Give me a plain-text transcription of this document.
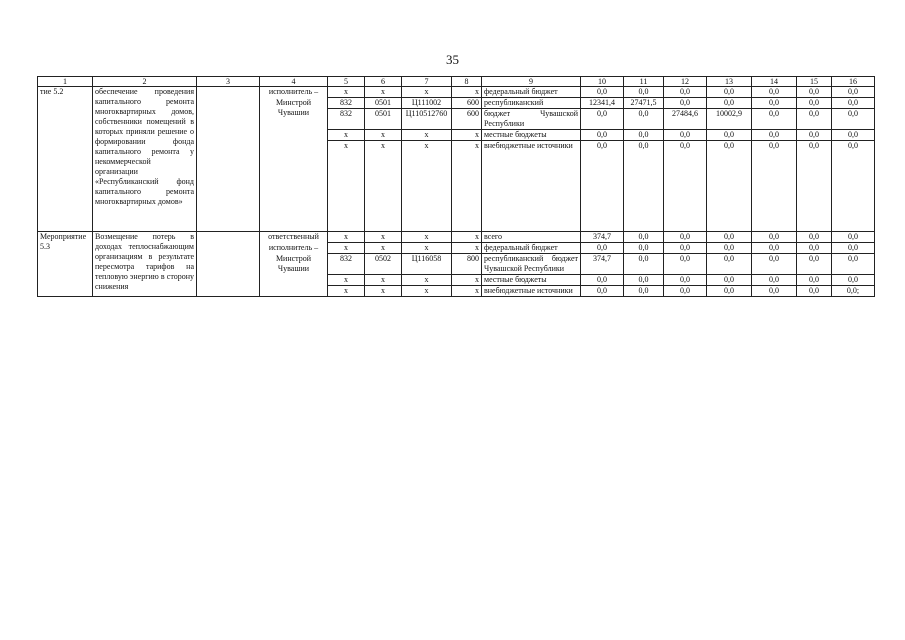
35
1	2	3	4	5	6	7	8	9	10	11	12	13	14	15	16
тие 5.2	обеспечение проведения капитального ремонта многоквартирных домов, собственники помещений в которых приняли решение о формировании фонда капитального ремонта у некоммерческой организации «Республиканский фонд капитального ремонта многоквартирных домов»		исполнитель –	x	x	x	x	федеральный бюджет	0,0	0,0	0,0	0,0	0,0	0,0	0,0
			Минстрой Чувашии	832	0501	Ц111002	600	республиканский	12341,4	27471,5	0,0	0,0	0,0	0,0	0,0
				832	0501	Ц110512760	600	бюджет Чувашской Республики	0,0	0,0	27484,6	10002,9	0,0	0,0	0,0
				x	x	x	x	местные бюджеты	0,0	0,0	0,0	0,0	0,0	0,0	0,0
				x	x	x	x	внебюджетные источники	0,0	0,0	0,0	0,0	0,0	0,0	0,0
Мероприятие 5.3	Возмещение потерь в доходах теплоснабжающим организациям в результате пересмотра тарифов на тепловую энергию в сторону снижения		ответственный	x	x	x	x	всего	374,7	0,0	0,0	0,0	0,0	0,0	0,0
			исполнитель –	x	x	x	x	федеральный бюджет	0,0	0,0	0,0	0,0	0,0	0,0	0,0
			Минстрой Чувашии	832	0502	Ц116058	800	республиканский бюджет Чувашской Республики	374,7	0,0	0,0	0,0	0,0	0,0	0,0
				x	x	x	x	местные бюджеты	0,0	0,0	0,0	0,0	0,0	0,0	0,0
				x	x	x	x	внебюджетные источники	0,0	0,0	0,0	0,0	0,0	0,0	0,0;
